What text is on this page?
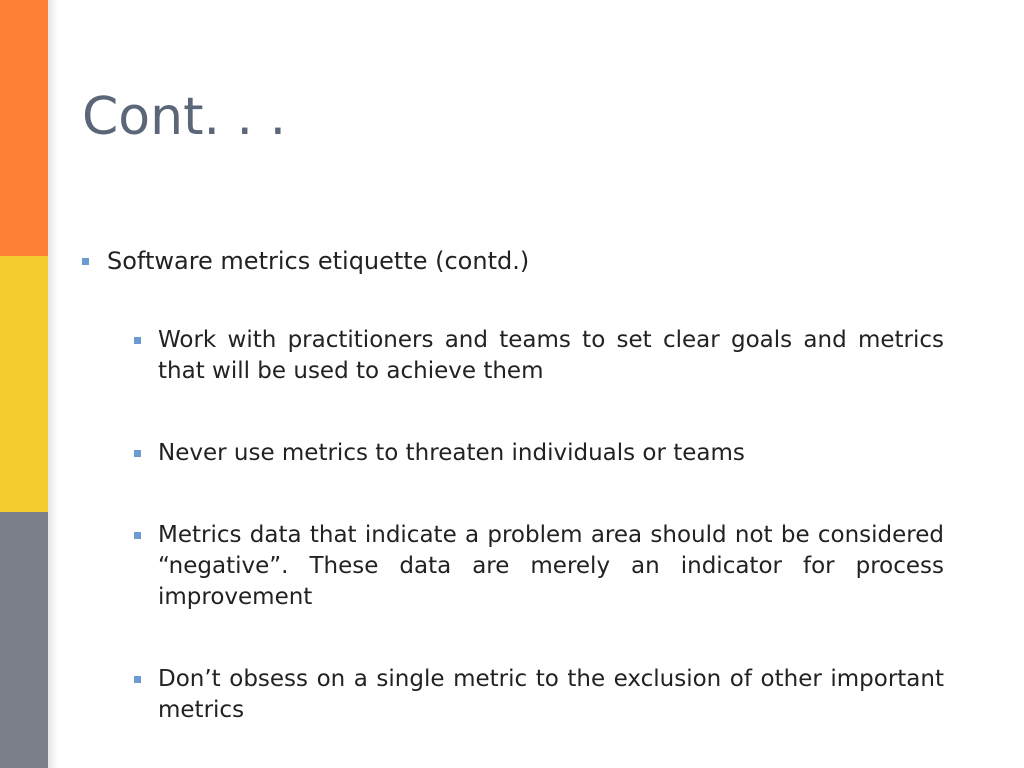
Cont. . .
Software metrics etiquette (contd.)
Work with practitioners and teams to set clear goals and metrics that will be used to achieve them
Never use metrics to threaten individuals or teams
Metrics data that indicate a problem area should not be considered “negative”. These data are merely an indicator for process improvement
Don’t obsess on a single metric to the exclusion of other important metrics
